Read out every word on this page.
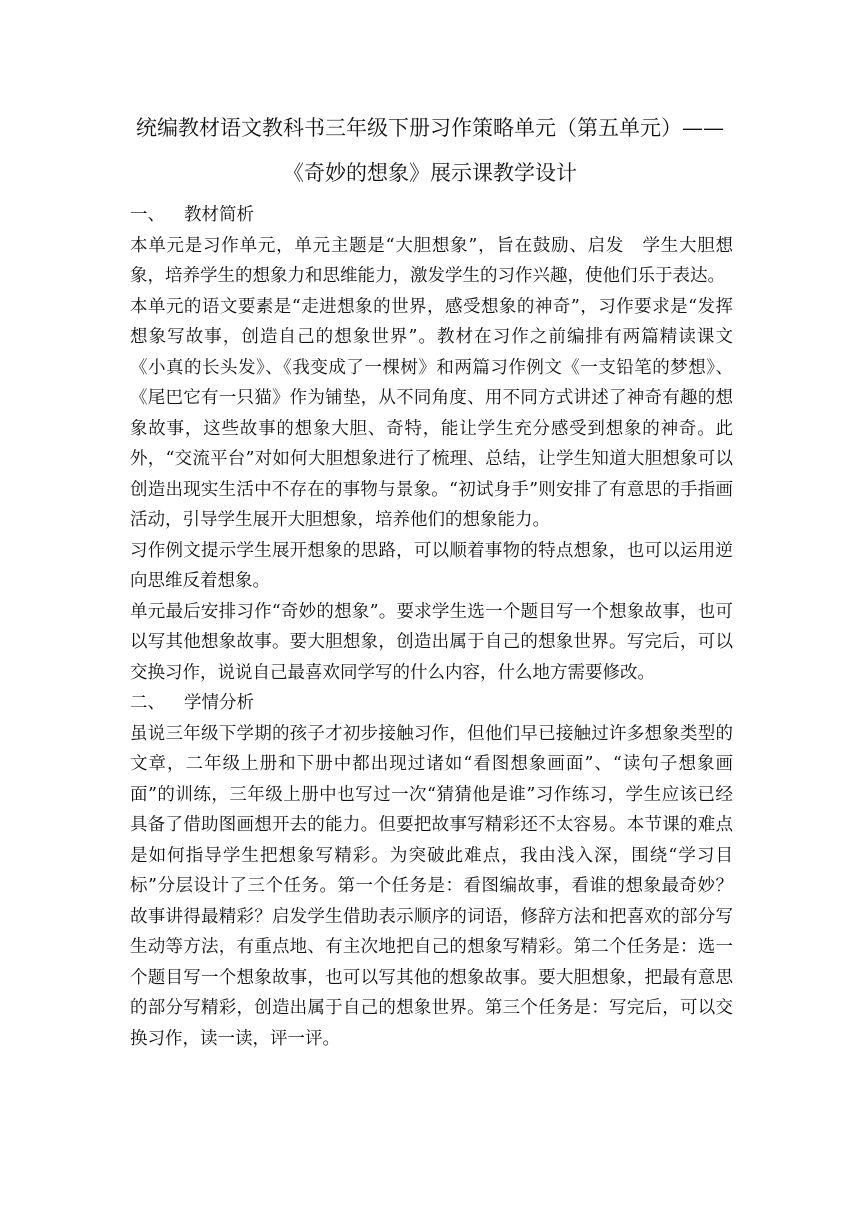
统编教材语文教科书三年级下册习作策略单元（第五单元）——
《奇妙的想象》展示课教学设计

一、	教材简析

本单元是习作单元，单元主题是“大胆想象”，旨在鼓励、启发　学生大胆想象，培养学生的想象力和思维能力，激发学生的习作兴趣，使他们乐于表达。

本单元的语文要素是“走进想象的世界，感受想象的神奇”，习作要求是“发挥想象写故事，创造自己的想象世界”。教材在习作之前编排有两篇精读课文《小真的长头发》、《我变成了一棵树》和两篇习作例文《一支铅笔的梦想》、《尾巴它有一只猫》作为铺垫，从不同角度、用不同方式讲述了神奇有趣的想象故事，这些故事的想象大胆、奇特，能让学生充分感受到想象的神奇。此外，“交流平台”对如何大胆想象进行了梳理、总结，让学生知道大胆想象可以创造出现实生活中不存在的事物与景象。“初试身手”则安排了有意思的手指画活动，引导学生展开大胆想象，培养他们的想象能力。

习作例文提示学生展开想象的思路，可以顺着事物的特点想象，也可以运用逆向思维反着想象。

单元最后安排习作“奇妙的想象”。要求学生选一个题目写一个想象故事，也可以写其他想象故事。要大胆想象，创造出属于自己的想象世界。写完后，可以交换习作，说说自己最喜欢同学写的什么内容，什么地方需要修改。

二、	学情分析

虽说三年级下学期的孩子才初步接触习作，但他们早已接触过许多想象类型的文章，二年级上册和下册中都出现过诸如“看图想象画面”、“读句子想象画面”的训练，三年级上册中也写过一次“猜猜他是谁”习作练习，学生应该已经具备了借助图画想开去的能力。但要把故事写精彩还不太容易。本节课的难点是如何指导学生把想象写精彩。为突破此难点，我由浅入深，围绕“学习目标”分层设计了三个任务。第一个任务是：看图编故事，看谁的想象最奇妙？故事讲得最精彩？启发学生借助表示顺序的词语，修辞方法和把喜欢的部分写生动等方法，有重点地、有主次地把自己的想象写精彩。第二个任务是：选一个题目写一个想象故事，也可以写其他的想象故事。要大胆想象，把最有意思的部分写精彩，创造出属于自己的想象世界。第三个任务是：写完后，可以交换习作，读一读，评一评。
